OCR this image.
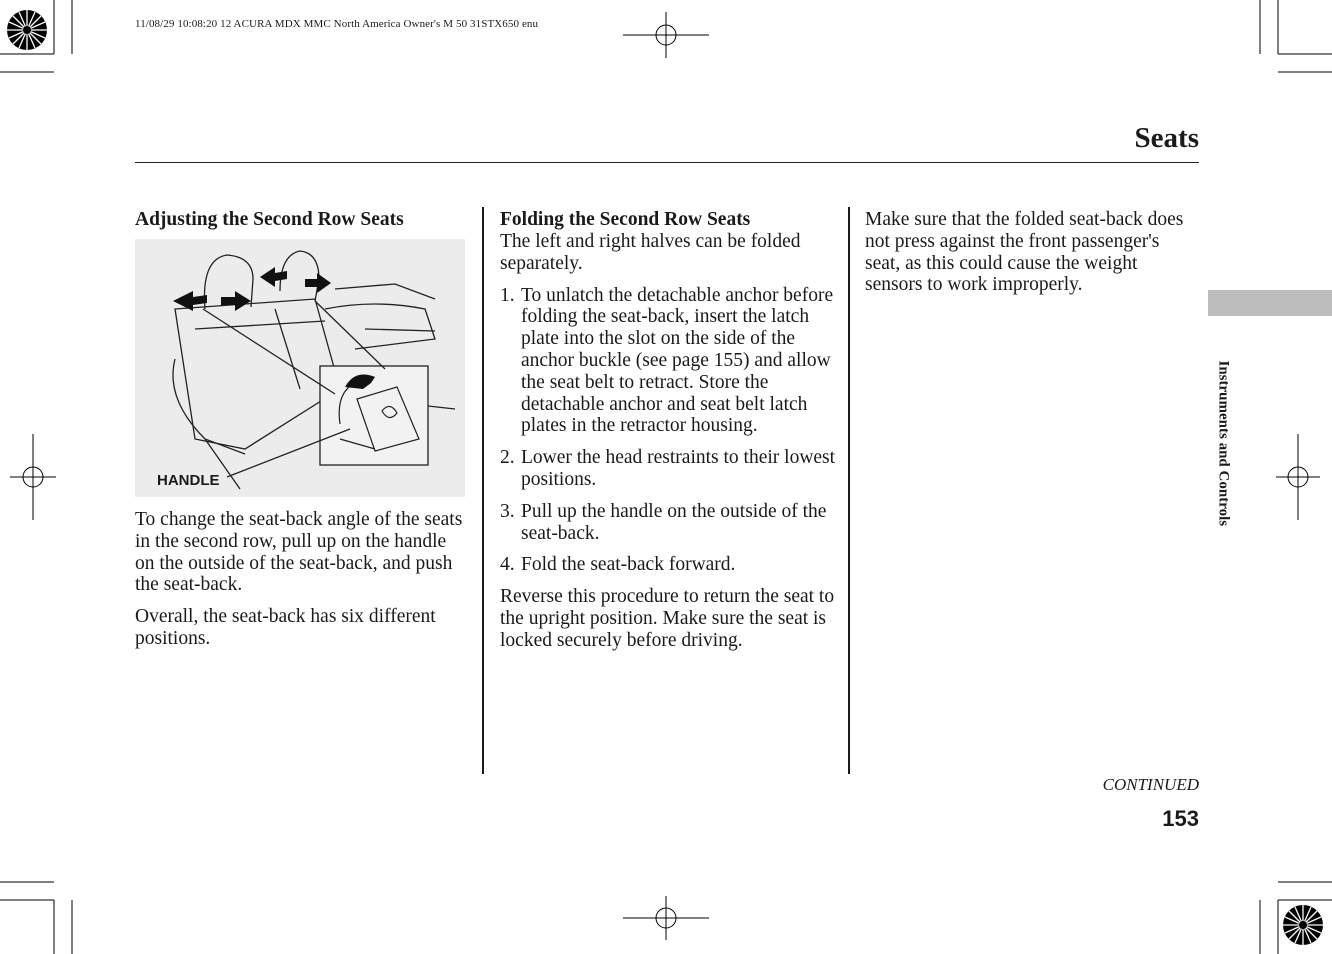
11/08/29 10:08:20 12 ACURA MDX MMC North America Owner's M 50 31STX650 enu
Seats
Instruments and Controls
Adjusting the Second Row Seats
HANDLE

To change the seat-back angle of the seats in the second row, pull up on the handle on the outside of the seat-back, and push the seat-back.

Overall, the seat-back has six different positions.

Folding the Second Row Seats

The left and right halves can be folded separately.

1. To unlatch the detachable anchor before folding the seat-back, insert the latch plate into the slot on the side of the anchor buckle (see page 155) and allow the seat belt to retract. Store the detachable anchor and seat belt latch plates in the retractor housing.
2. Lower the head restraints to their lowest positions.
3. Pull up the handle on the outside of the seat-back.
4. Fold the seat-back forward.

Reverse this procedure to return the seat to the upright position. Make sure the seat is locked securely before driving.

Make sure that the folded seat-back does not press against the front passenger's seat, as this could cause the weight sensors to work improperly.

CONTINUED
153
